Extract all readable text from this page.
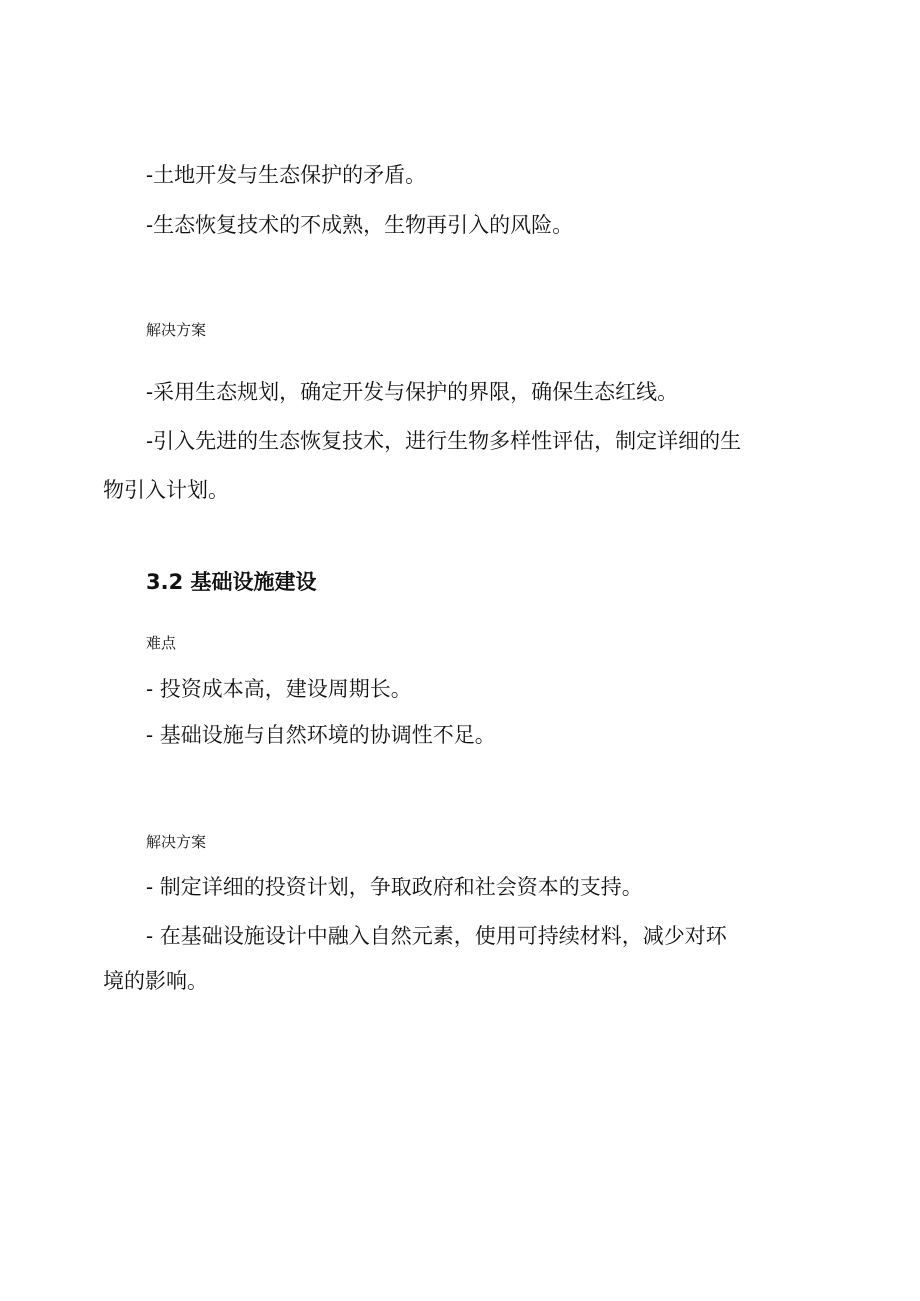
-土地开发与生态保护的矛盾。
-生态恢复技术的不成熟，生物再引入的风险。
解决方案
-采用生态规划，确定开发与保护的界限，确保生态红线。
-引入先进的生态恢复技术，进行生物多样性评估，制定详细的生
物引入计划。
3.2 基础设施建设
难点
- 投资成本高，建设周期长。
- 基础设施与自然环境的协调性不足。
解决方案
- 制定详细的投资计划，争取政府和社会资本的支持。
- 在基础设施设计中融入自然元素，使用可持续材料，减少对环
境的影响。
